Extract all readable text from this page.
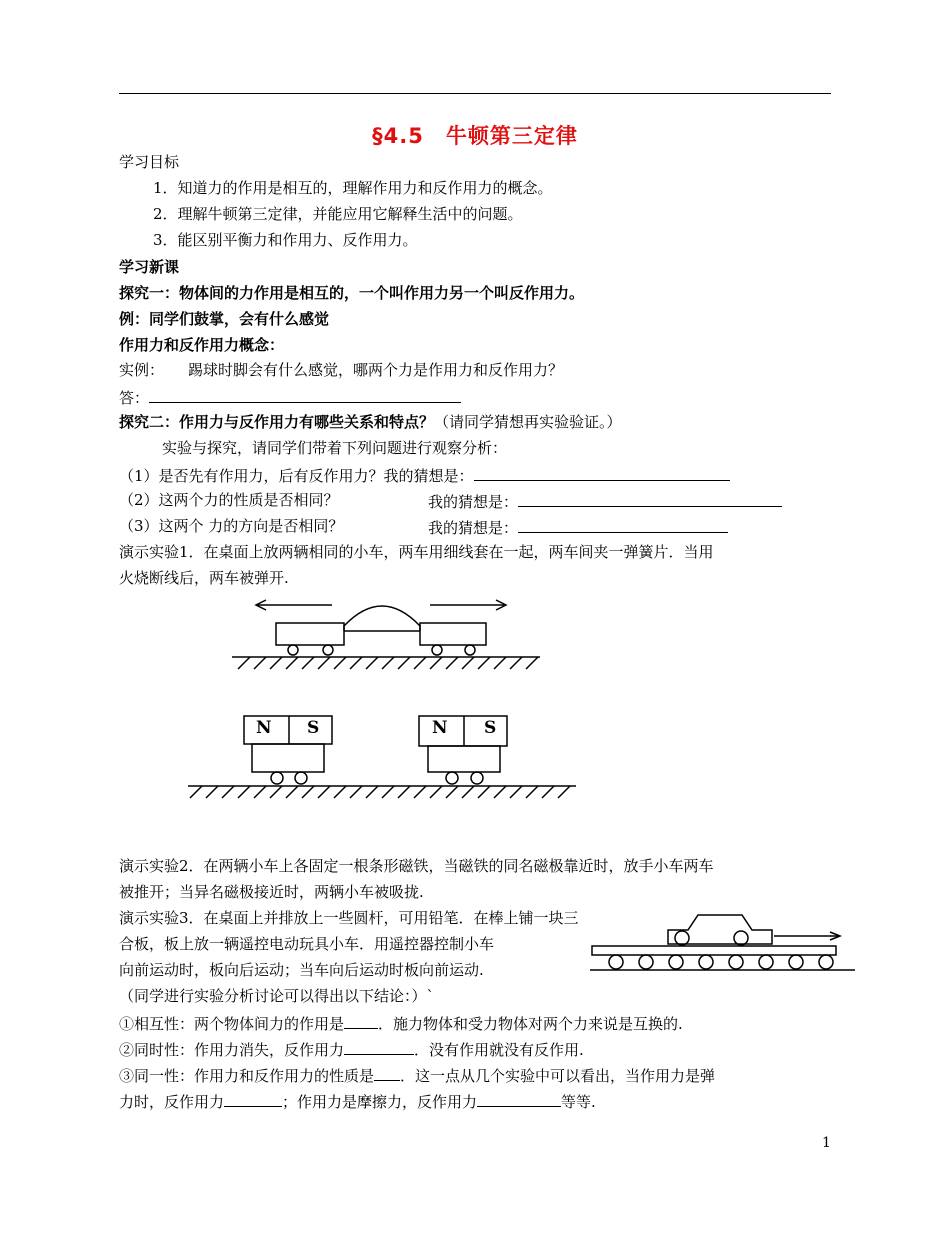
§4.5　牛顿第三定律
学习目标
1．知道力的作用是相互的，理解作用力和反作用力的概念。
2．理解牛顿第三定律，并能应用它解释生活中的问题。
3．能区别平衡力和作用力、反作用力。
学习新课
探究一：物体间的力作用是相互的，一个叫作用力另一个叫反作用力。
例：同学们鼓掌，会有什么感觉
作用力和反作用力概念：
实例： 踢球时脚会有什么感觉，哪两个力是作用力和反作用力？
答：
探究二：作用力与反作用力有哪些关系和特点？（请同学猜想再实验验证。）
实验与探究，请同学们带着下列问题进行观察分析：
（1）是否先有作用力，后有反作用力？我的猜想是：
（2）这两个力的性质是否相同？	我的猜想是：
（3）这两个 力的方向是否相同？	我的猜想是：
演示实验1．在桌面上放两辆相同的小车，两车用细线套在一起，两车间夹一弹簧片．当用
火烧断线后，两车被弹开.
N S	N S
演示实验2．在两辆小车上各固定一根条形磁铁，当磁铁的同名磁极靠近时，放手小车两车
被推开；当异名磁极接近时，两辆小车被吸拢.
演示实验3．在桌面上并排放上一些圆杆，可用铅笔．在棒上铺一块三
合板，板上放一辆遥控电动玩具小车．用遥控器控制小车
向前运动时，板向后运动；当车向后运动时板向前运动.
（同学进行实验分析讨论可以得出以下结论：）`
①相互性：两个物体间力的作用是 ．施力物体和受力物体对两个力来说是互换的.
②同时性：作用力消失，反作用力	．没有作用就没有反作用.
③同一性：作用力和反作用力的性质是 ．这一点从几个实验中可以看出，当作用力是弹
力时，反作用力	；作用力是摩擦力，反作用力	等等.
1
